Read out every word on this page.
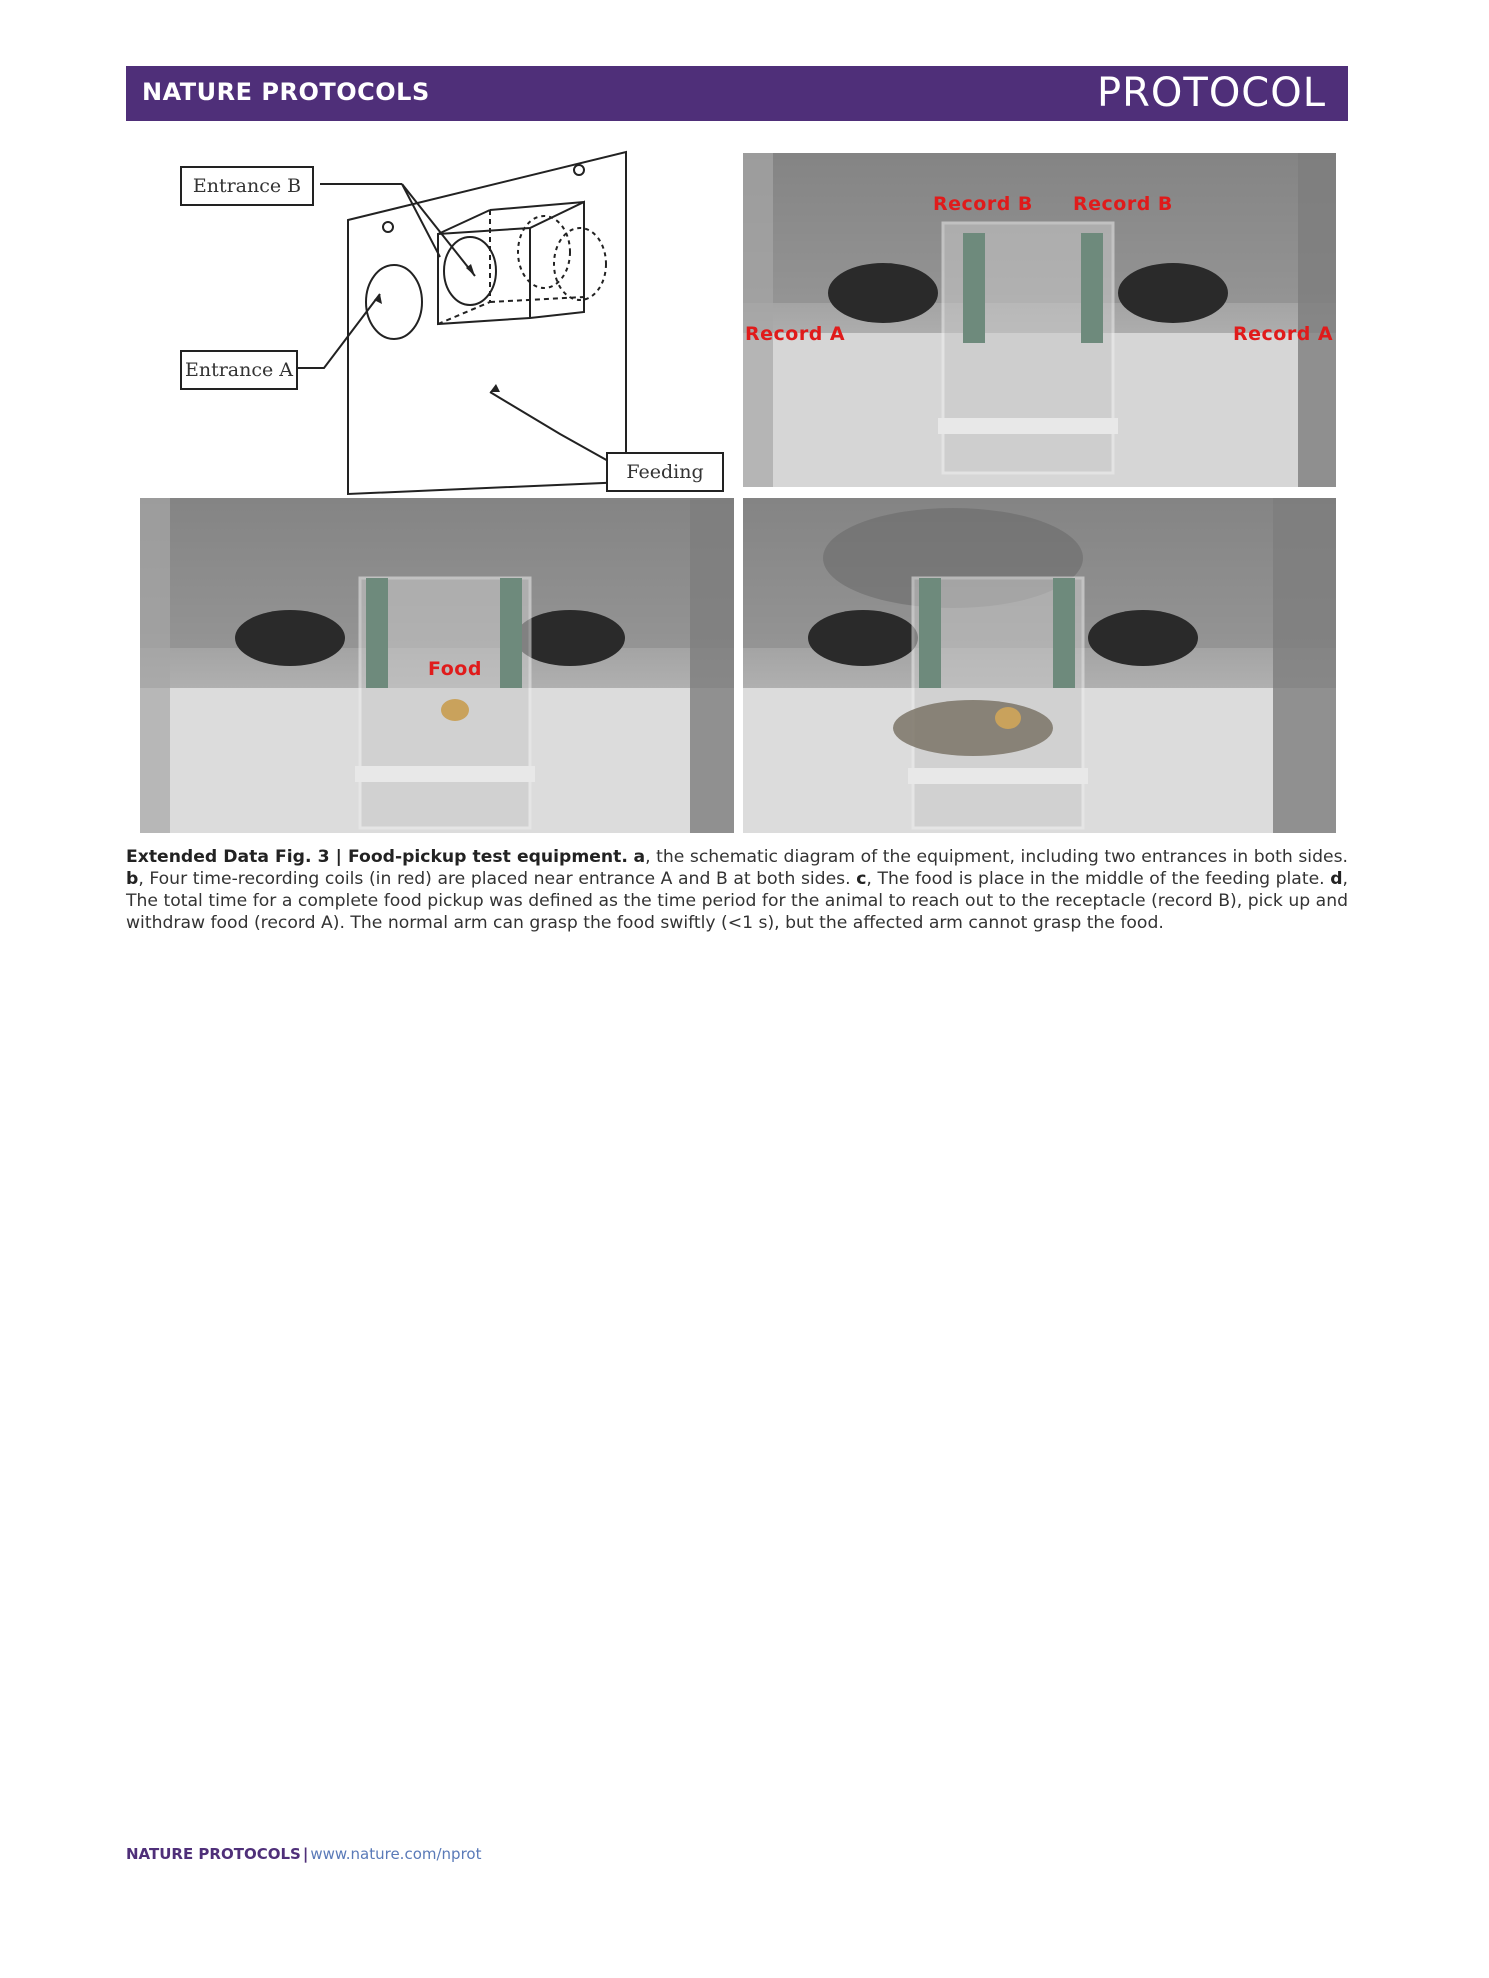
NATURE PROTOCOLS	PROTOCOL
Entrance B
Entrance A
Feeding
Record B Record B
Record A	Record A
Food
Extended Data Fig. 3 | Food-pickup test equipment. a, the schematic diagram of the equipment, including two entrances in both sides. b, Four time-recording coils (in red) are placed near entrance A and B at both sides. c, The food is place in the middle of the feeding plate. d, The total time for a complete food pickup was defined as the time period for the animal to reach out to the receptacle (record B), pick up and withdraw food (record A). The normal arm can grasp the food swiftly (<1 s), but the affected arm cannot grasp the food.
NATURE PROTOCOLS | www.nature.com/nprot
